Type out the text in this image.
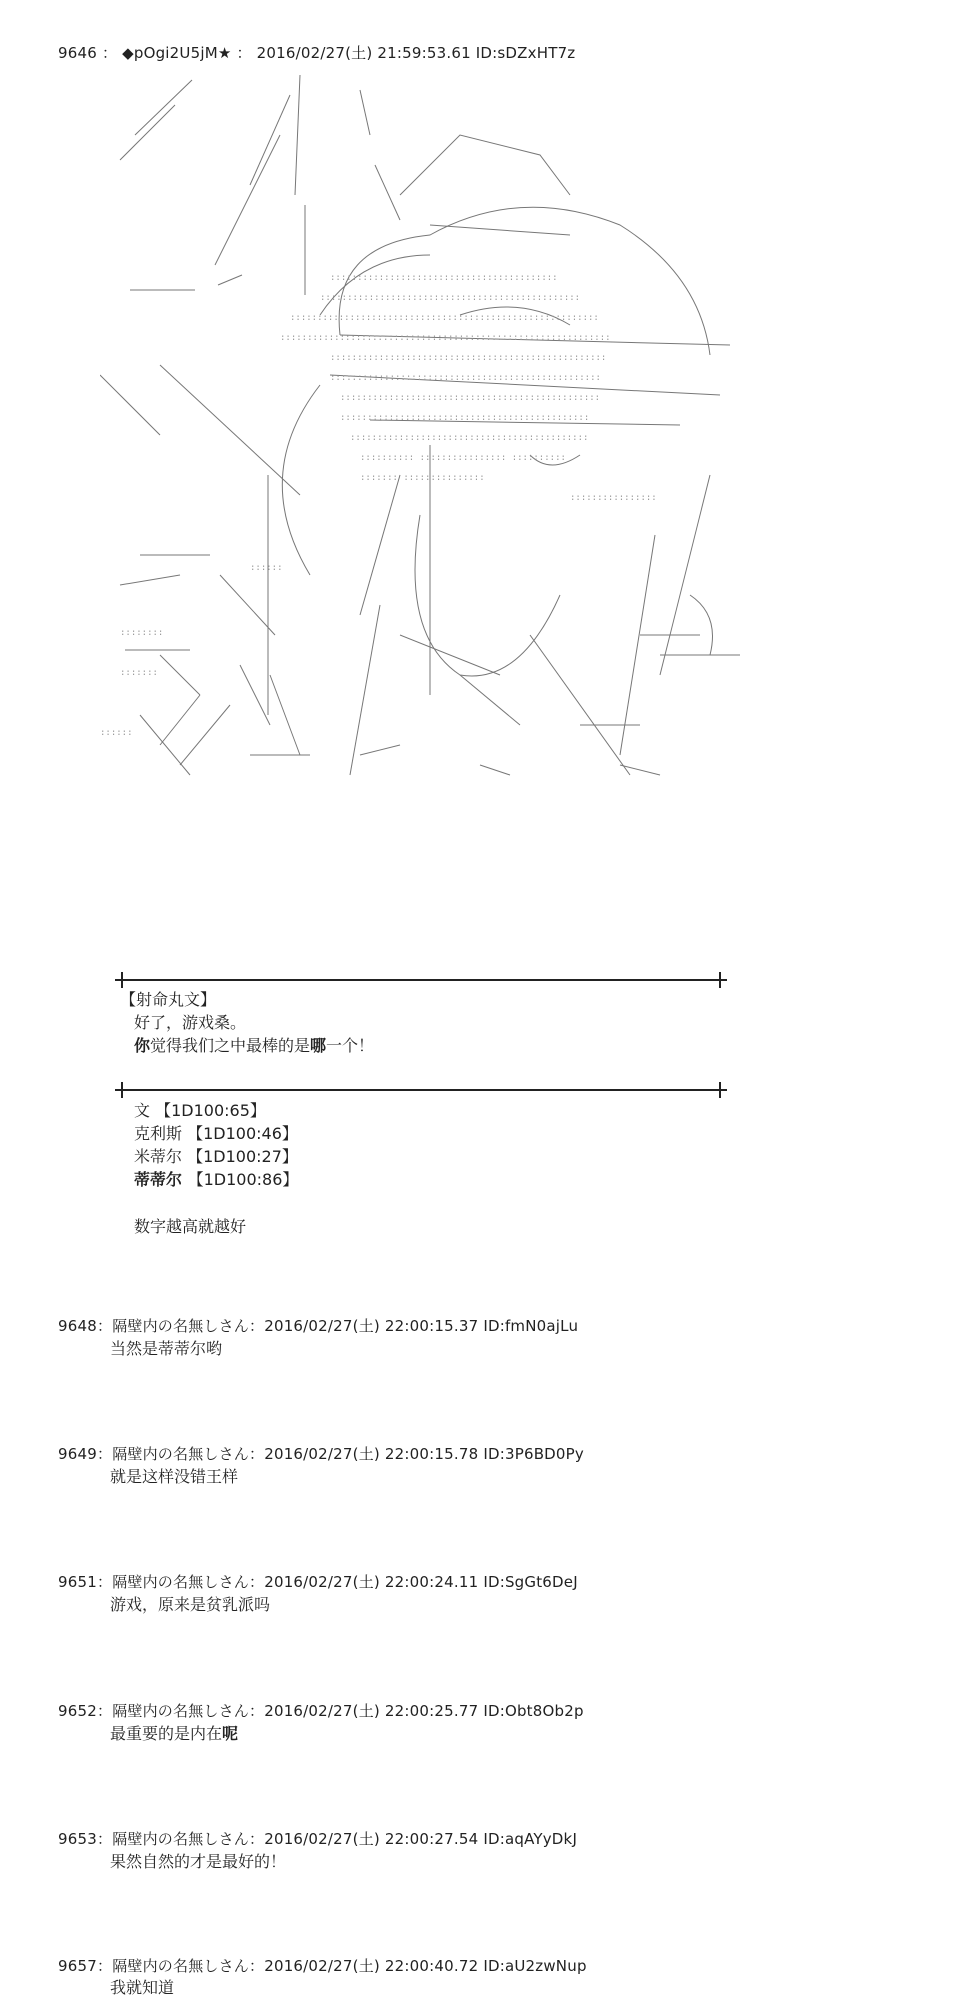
9646 ： ◆pOgi2U5jM★ ： 2016/02/27(土) 21:59:53.61 ID:sDZxHT7z
::::::::::::::::::::::::::::::::::::::::::
::::::::::::::::::::::::::::::::::::::::::::::::
:::::::::::::::::::::::::::::::::::::::::::::::::::::::::
:::::::::::::::::::::::::::::::::::::::::::::::::::::::::::::
:::::::::::::::::::::::::::::::::::::::::::::::::::
::::::::::::::::::::::::::::::::::::::::::::::::::
::::::::::::::::::::::::::::::::::::::::::::::::
::::::::::::::::::::::::::::::::::::::::::::::
::::::::::::::::::::::::::::::::::::::::::::
:::::::::: :::::::::::::::: ::::::::::
::::::: :::::::::::::::
::::::::::::::::
::::::
::::::::
:::::::
::::::
【射命丸文】
好了，游戏桑。
你觉得我们之中最棒的是哪一个！
文 【1D100:65】
克利斯 【1D100:46】
米蒂尔 【1D100:27】
蒂蒂尔 【1D100:86】
数字越高就越好
9648：隔壁内の名無しさん：2016/02/27(土) 22:00:15.37 ID:fmN0ajLu
当然是蒂蒂尔哟
9649：隔壁内の名無しさん：2016/02/27(土) 22:00:15.78 ID:3P6BD0Py
就是这样没错王样
9651：隔壁内の名無しさん：2016/02/27(土) 22:00:24.11 ID:SgGt6DeJ
游戏，原来是贫乳派吗
9652：隔壁内の名無しさん：2016/02/27(土) 22:00:25.77 ID:Obt8Ob2p
最重要的是内在呢
9653：隔壁内の名無しさん：2016/02/27(土) 22:00:27.54 ID:aqAYyDkJ
果然自然的才是最好的！
9657：隔壁内の名無しさん：2016/02/27(土) 22:00:40.72 ID:aU2zwNup
我就知道
